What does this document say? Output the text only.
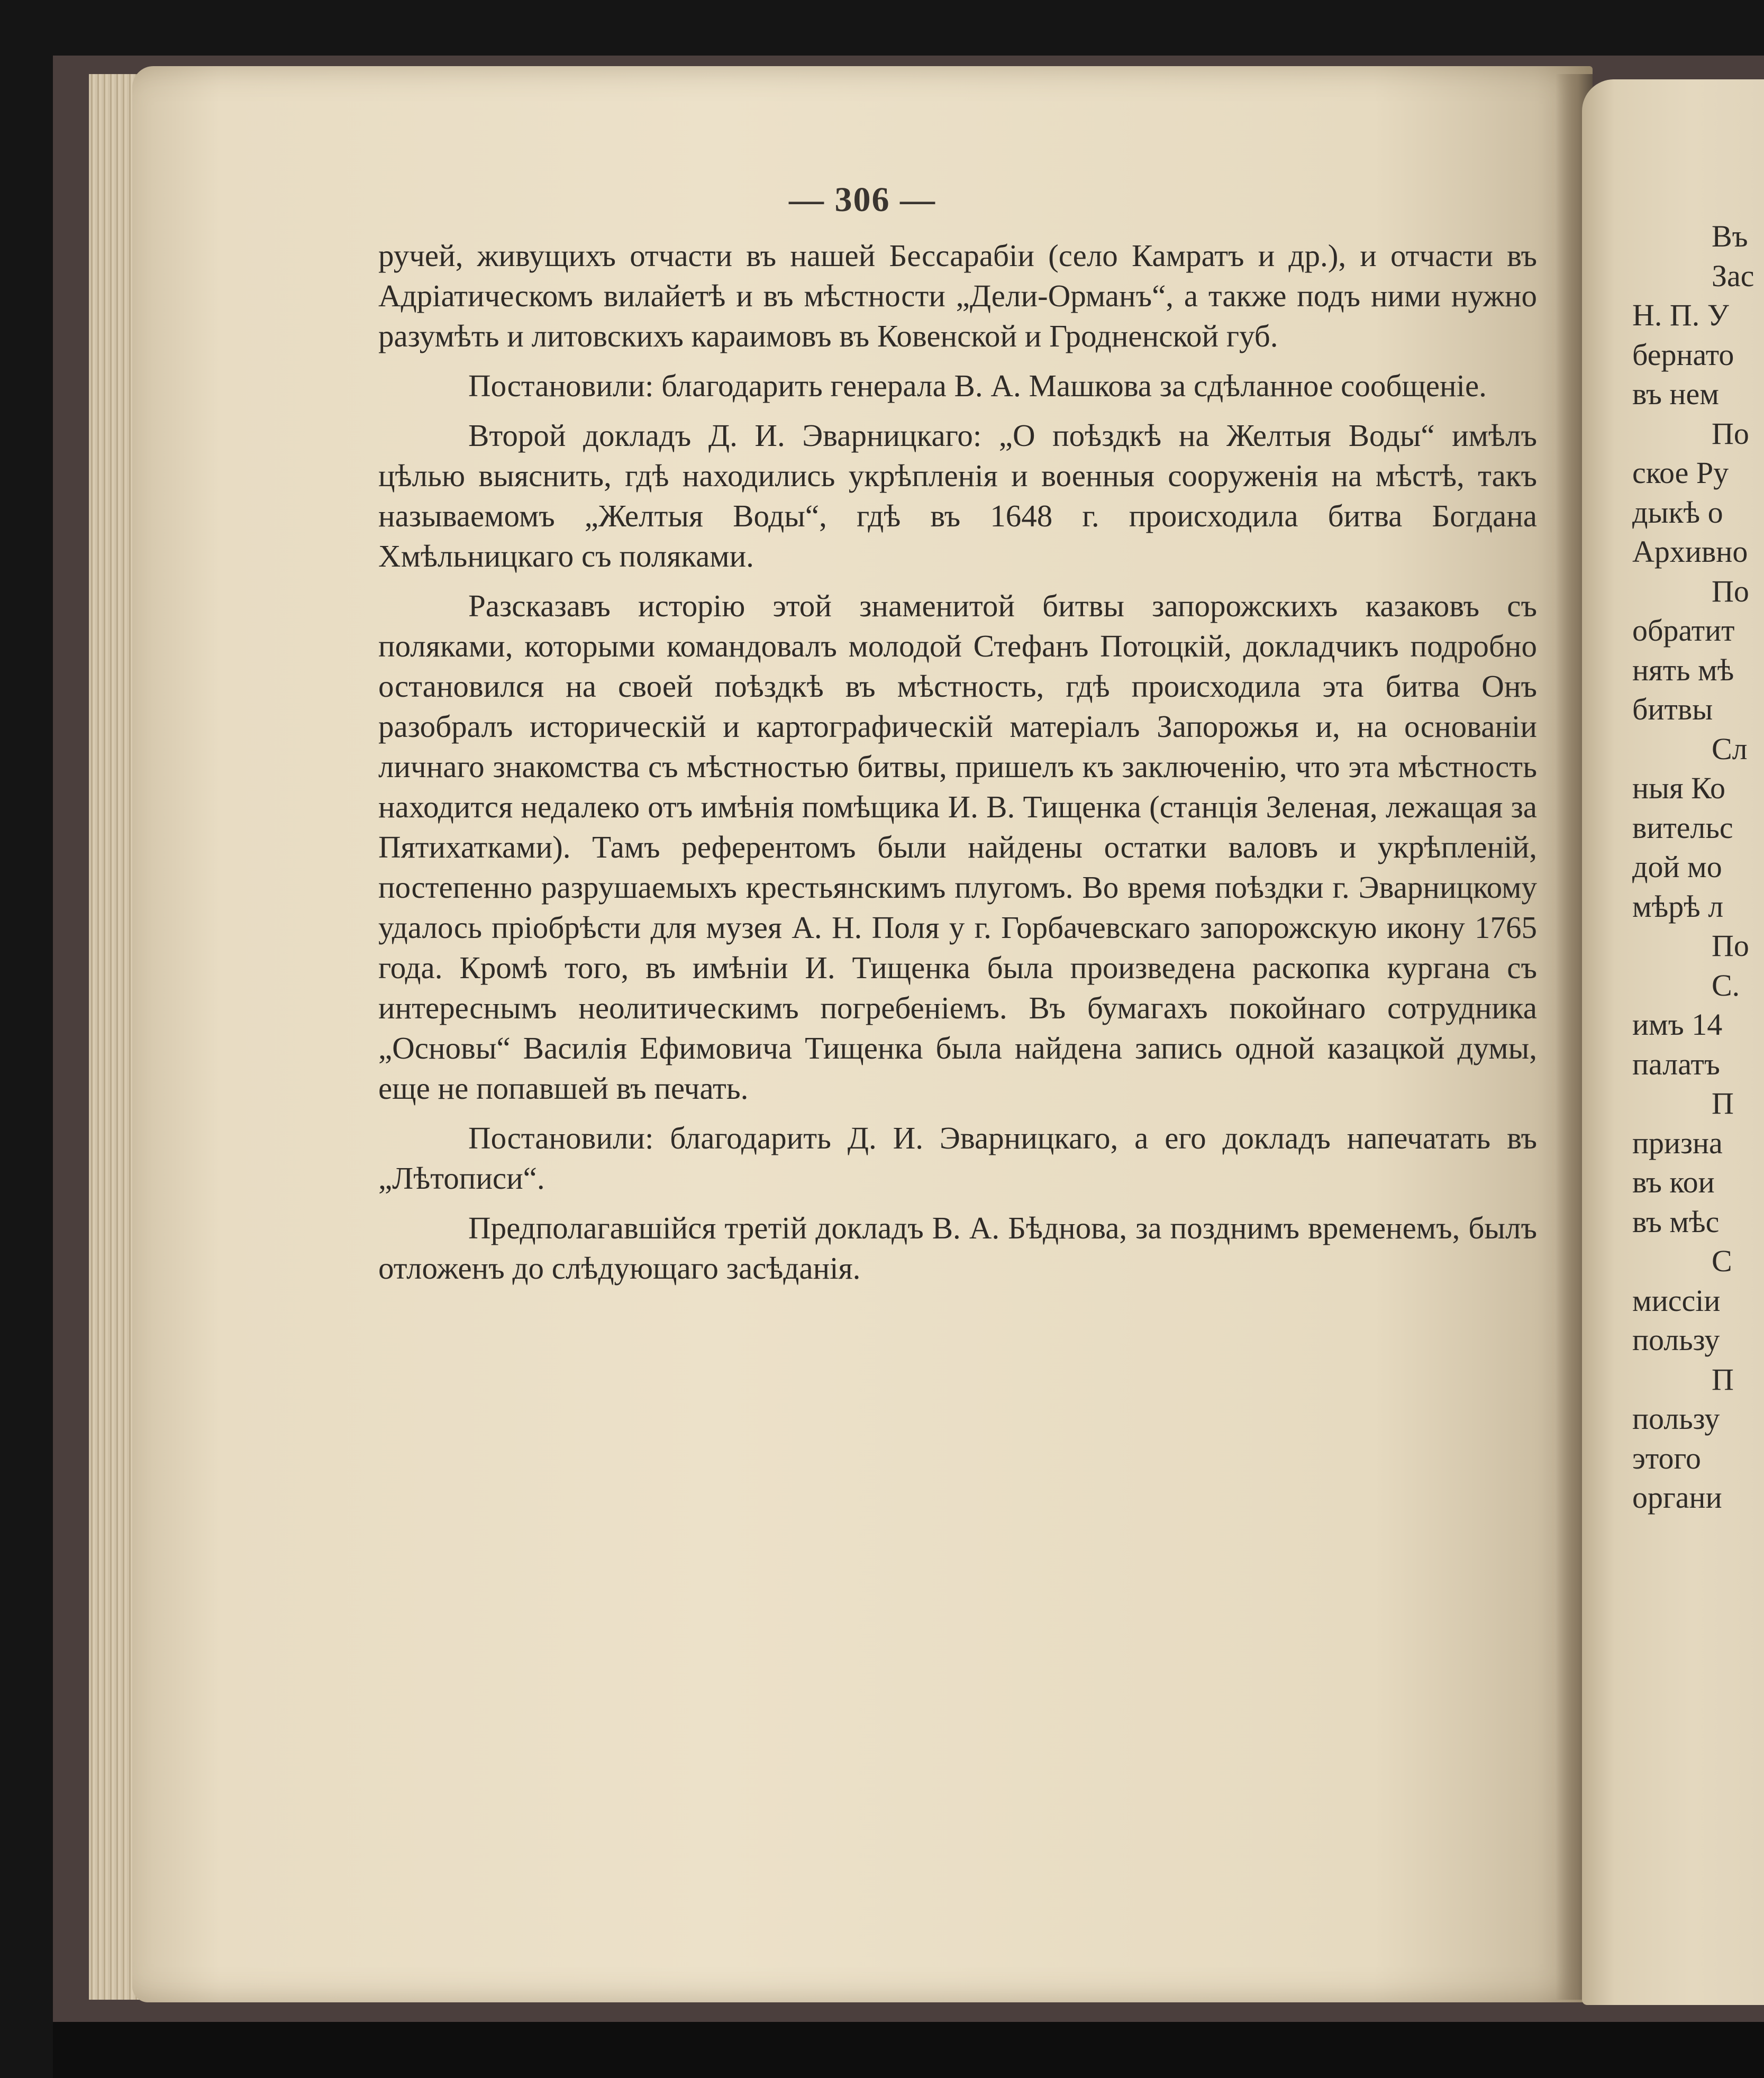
— 306 —

ручей, живущихъ отчасти въ нашей Бессарабіи (село Камратъ и др.), и отчасти въ Адріатическомъ вилайетѣ и въ мѣстности „Дели-Орманъ“, а также подъ ними нужно разумѣть и литовскихъ караимовъ въ Ковенской и Гродненской губ.

Постановили: благодарить генерала В. А. Машкова за сдѣланное сообщеніе.

Второй докладъ Д. И. Эварницкаго: „О поѣздкѣ на Желтыя Воды“ имѣлъ цѣлью выяснить, гдѣ находились укрѣпленія и военныя сооруженія на мѣстѣ, такъ называемомъ „Желтыя Воды“, гдѣ въ 1648 г. происходила битва Богдана Хмѣльницкаго съ поляками.

Разсказавъ исторію этой знаменитой битвы запорожскихъ казаковъ съ поляками, которыми командовалъ молодой Стефанъ Потоцкій, докладчикъ подробно остановился на своей поѣздкѣ въ мѣстность, гдѣ происходила эта битва Онъ разобралъ историческій и картографическій матеріалъ Запорожья и, на основаніи личнаго знакомства съ мѣстностью битвы, пришелъ къ заключенію, что эта мѣстность находится недалеко отъ имѣнія помѣщика И. В. Тищенка (станція Зеленая, лежащая за Пятихатками). Тамъ референтомъ были найдены остатки валовъ и укрѣпленій, постепенно разрушаемыхъ крестьянскимъ плугомъ. Во время поѣздки г. Эварницкому удалось пріобрѣсти для музея А. Н. Поля у г. Горбачевскаго запорожскую икону 1765 года. Кромѣ того, въ имѣніи И. Тищенка была произведена раскопка кургана съ интереснымъ неолитическимъ погребеніемъ. Въ бумагахъ покойнаго сотрудника „Основы“ Василія Ефимовича Тищенка была найдена запись одной казацкой думы, еще не попавшей въ печать.

Постановили: благодарить Д. И. Эварницкаго, а его докладъ напечатать въ „Лѣтописи“.

Предполагавшійся третій докладъ В. А. Бѣднова, за позднимъ временемъ, былъ отложенъ до слѣдующаго засѣданія.

Въ
Зас
Н. П. У
бернато
въ нем
По
ское Ру
дыкѣ о
Архивно
По
обратит
нять мѣ
битвы
Сл
ныя Ко
вительс
дой мо
мѣрѣ л
По
С.
имъ 14
палатъ
П
призна
въ кои
въ мѣс
С
миссіи
пользу
П
пользу
этого
органи
